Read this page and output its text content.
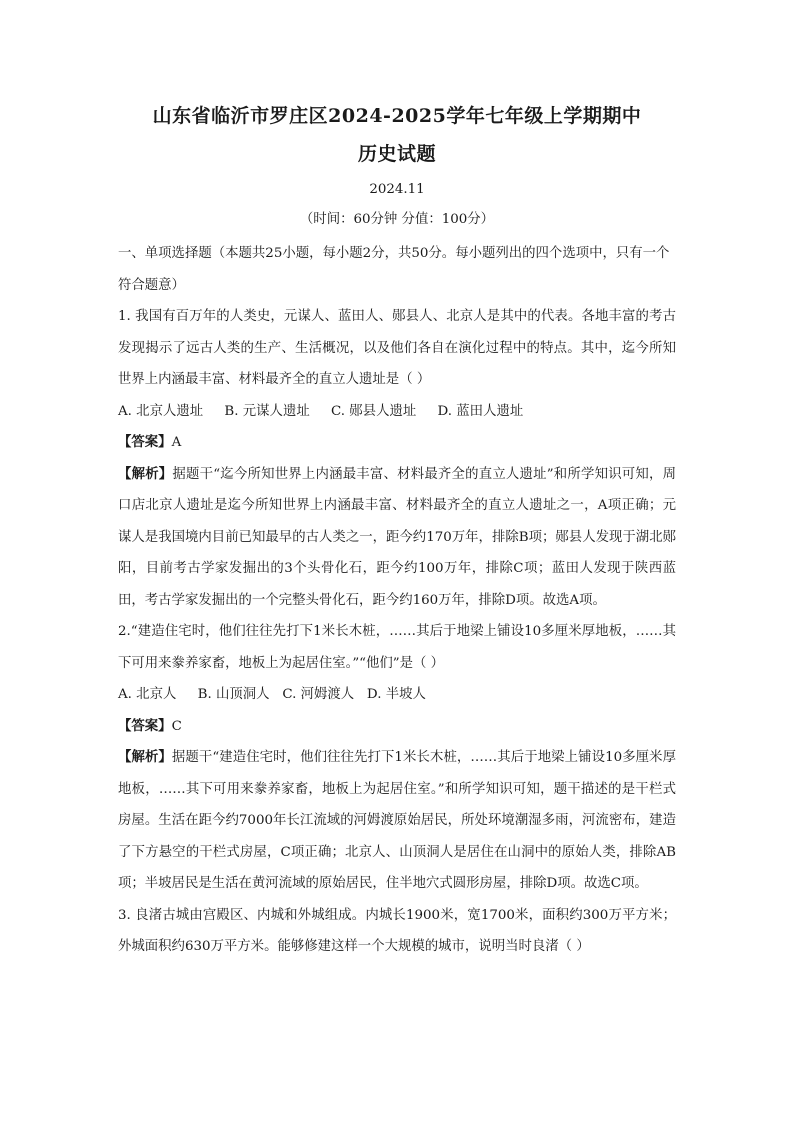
山东省临沂市罗庄区2024-2025学年七年级上学期期中
历史试题
2024.11
（时间：60分钟 分值：100分）

一、单项选择题（本题共25小题，每小题2分，共50分。每小题列出的四个选项中，只有一个符合题意）

1. 我国有百万年的人类史，元谋人、蓝田人、郧县人、北京人是其中的代表。各地丰富的考古发现揭示了远古人类的生产、生活概况，以及他们各自在演化过程中的特点。其中，迄今所知世界上内涵最丰富、材料最齐全的直立人遗址是（ ）

A. 北京人遗址     B. 元谋人遗址     C. 郧县人遗址     D. 蓝田人遗址

【答案】A

【解析】据题干“迄今所知世界上内涵最丰富、材料最齐全的直立人遗址”和所学知识可知，周口店北京人遗址是迄今所知世界上内涵最丰富、材料最齐全的直立人遗址之一，A项正确；元谋人是我国境内目前已知最早的古人类之一，距今约170万年，排除B项；郧县人发现于湖北郧阳，目前考古学家发掘出的3个头骨化石，距今约100万年，排除C项；蓝田人发现于陕西蓝田，考古学家发掘出的一个完整头骨化石，距今约160万年，排除D项。故选A项。

2.“建造住宅时，他们往往先打下1米长木桩，……其后于地梁上铺设10多厘米厚地板，……其下可用来豢养家畜，地板上为起居住室。”“他们”是（ ）

A. 北京人     B. 山顶洞人   C. 河姆渡人   D. 半坡人

【答案】C

【解析】据题干“建造住宅时，他们往往先打下1米长木桩，……其后于地梁上铺设10多厘米厚地板，……其下可用来豢养家畜，地板上为起居住室。”和所学知识可知，题干描述的是干栏式房屋。生活在距今约7000年长江流域的河姆渡原始居民，所处环境潮湿多雨，河流密布，建造了下方悬空的干栏式房屋，C项正确；北京人、山顶洞人是居住在山洞中的原始人类，排除AB项；半坡居民是生活在黄河流域的原始居民，住半地穴式圆形房屋，排除D项。故选C项。

3. 良渚古城由宫殿区、内城和外城组成。内城长1900米，宽1700米，面积约300万平方米；外城面积约630万平方米。能够修建这样一个大规模的城市，说明当时良渚（ ）
